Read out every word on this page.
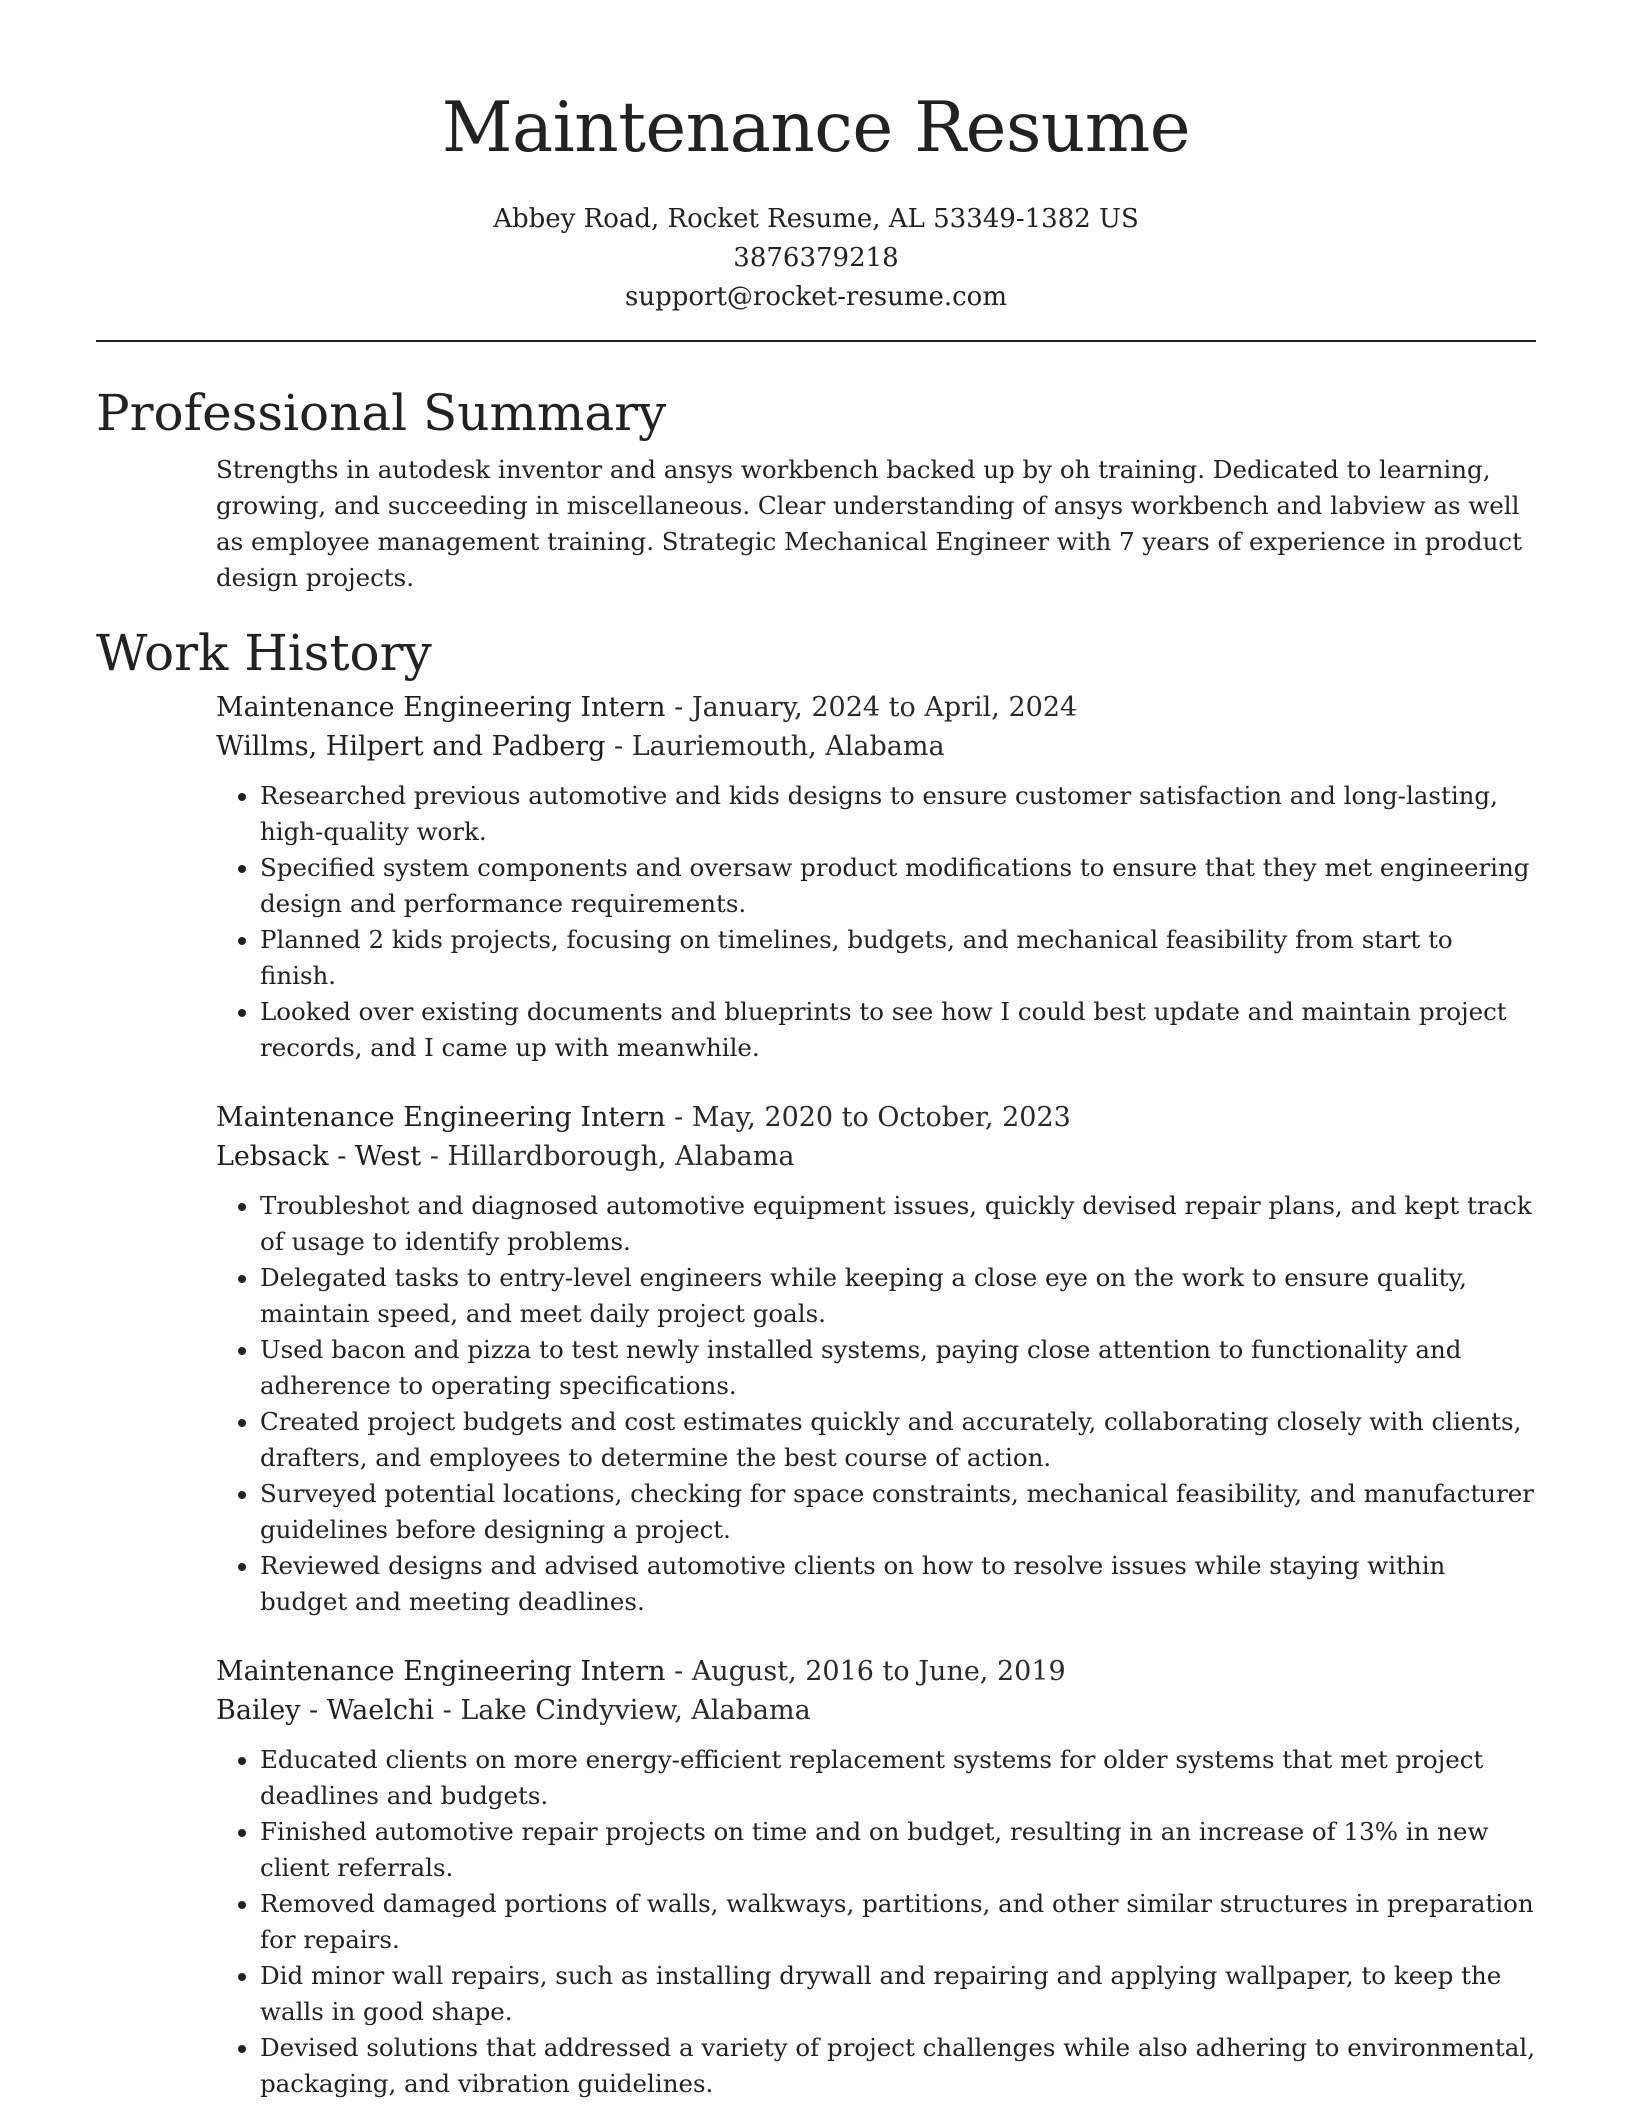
Maintenance Resume
Abbey Road, Rocket Resume, AL 53349-1382 US
3876379218
support@rocket-resume.com
Professional Summary

Strengths in autodesk inventor and ansys workbench backed up by oh training. Dedicated to learning, growing, and succeeding in miscellaneous. Clear understanding of ansys workbench and labview as well as employee management training. Strategic Mechanical Engineer with 7 years of experience in product design projects.

Work History
Maintenance Engineering Intern - January, 2024 to April, 2024
Willms, Hilpert and Padberg - Lauriemouth, Alabama
• Researched previous automotive and kids designs to ensure customer satisfaction and long-lasting, high-quality work.
• Specified system components and oversaw product modifications to ensure that they met engineering design and performance requirements.
• Planned 2 kids projects, focusing on timelines, budgets, and mechanical feasibility from start to finish.
• Looked over existing documents and blueprints to see how I could best update and maintain project records, and I came up with meanwhile.
Maintenance Engineering Intern - May, 2020 to October, 2023
Lebsack - West - Hillardborough, Alabama
• Troubleshot and diagnosed automotive equipment issues, quickly devised repair plans, and kept track of usage to identify problems.
• Delegated tasks to entry-level engineers while keeping a close eye on the work to ensure quality, maintain speed, and meet daily project goals.
• Used bacon and pizza to test newly installed systems, paying close attention to functionality and adherence to operating specifications.
• Created project budgets and cost estimates quickly and accurately, collaborating closely with clients, drafters, and employees to determine the best course of action.
• Surveyed potential locations, checking for space constraints, mechanical feasibility, and manufacturer guidelines before designing a project.
• Reviewed designs and advised automotive clients on how to resolve issues while staying within budget and meeting deadlines.
Maintenance Engineering Intern - August, 2016 to June, 2019
Bailey - Waelchi - Lake Cindyview, Alabama
• Educated clients on more energy-efficient replacement systems for older systems that met project deadlines and budgets.
• Finished automotive repair projects on time and on budget, resulting in an increase of 13% in new client referrals.
• Removed damaged portions of walls, walkways, partitions, and other similar structures in preparation for repairs.
• Did minor wall repairs, such as installing drywall and repairing and applying wallpaper, to keep the walls in good shape.
• Devised solutions that addressed a variety of project challenges while also adhering to environmental, packaging, and vibration guidelines.
